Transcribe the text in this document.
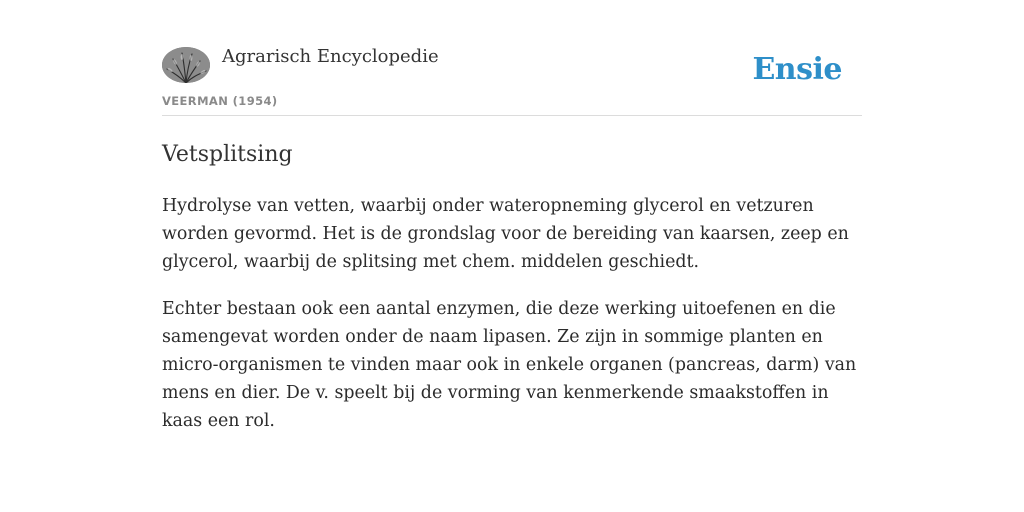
Agrarisch Encyclopedie
VEERMAN (1954)
Ensie
Vetsplitsing

Hydrolyse van vetten, waarbij onder wateropneming glycerol en vetzuren worden gevormd. Het is de grondslag voor de bereiding van kaarsen, zeep en glycerol, waarbij de splitsing met chem. middelen geschiedt.

Echter bestaan ook een aantal enzymen, die deze werking uitoefenen en die samengevat worden onder de naam lipasen. Ze zijn in sommige planten en micro-organismen te vinden maar ook in enkele organen (pancreas, darm) van mens en dier. De v. speelt bij de vorming van kenmerkende smaakstoffen in kaas een rol.
